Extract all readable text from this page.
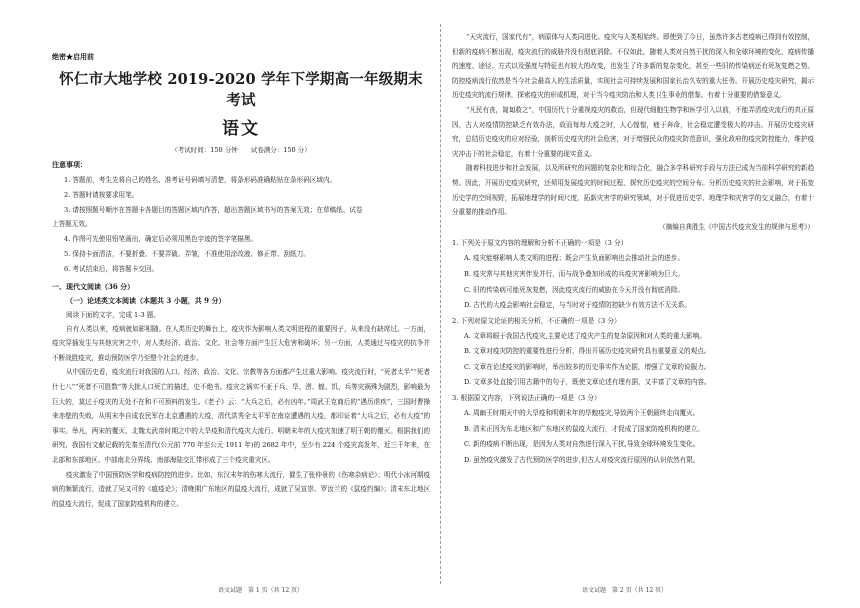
绝密★启用前
怀仁市大地学校 2019-2020 学年下学期高一年级期末考试
语文
（考试时间：150 分钟　　试卷满分：150 分）
注意事项：

1. 答题前，考生先将自己的姓名、准考证号码填写清楚，将条形码准确粘贴在条形码区域内。

2. 答题时请按要求用笔。

3. 请按照题号顺序在答题卡各题目的答题区域内作答，超出答题区域书写的答案无效；在草稿纸、试卷

上答题无效。

4. 作图可先使用铅笔画出，确定后必须用黑色字迹的签字笔描黑。

5. 保持卡面清洁，不要折叠、不要弄破、弄皱，不准使用涂改液、修正带、刮纸刀。

6. 考试结束后，将答题卡交回。

一、现代文阅读（36 分）
（一）论述类文本阅读（本题共 3 小题，共 9 分）
阅读下面的文字，完成 1-3 题。

自有人类以来，疫病就如影相随。在人类历史的舞台上，疫灾作为影响人类文明进程的重要因子，从来没有缺席过。一方面，疫灾穿插发生与其他灾害之中，对人类经济、政治、文化、社会等方面产生巨大危害和破坏；另一方面，人类通过与疫灾的抗争并不断战胜疫灾，推动预防医学乃至整个社会的进步。

从中国历史看，疫灾流行对我国的人口、经济、政治、文化、宗教等各方面都产生过重大影响。疫灾流行时，“死者太半”“死者什七八”“死者不可胜数”等大批人口死亡的描述，史不绝书。疫灾之祸实不亚于兵、旱、涝、蝗、饥、兵等灾祸殊为剧烈，影响最为巨大的，莫过于疫灾的无处不在和不可预料的发生。《老子》云：“大兵之后，必有凶年。”周武王克商后的“遇历虐疾”，三国时曹操来赤壁的失败，从明末李自成农民军在北京遭遇的大疫，清代洪秀全太平军在南京遭遇的大疫，都印证着“大兵之后，必有大疫”的事实。举凡，两宋的覆灭、北魏太武帝时期之中的大旱疫和清代疫灾大流行、明朝末年的大疫灾加速了明王朝的覆灭。根据我们的研究，我国有文献记载的先秦至清代(公元前 770 年至公元 1911 年)的 2682 年中，至少有 224 个疫灾高发年，近三千年来，在北部和东部地区、中部南北分界线、南部海陆交汇带形成了三个疫灾重灾区。

疫灾激发了中国预防医学和疫病防控的进步。比如，东汉末年的伤寒大流行，催生了张仲景的《伤寒杂病论》；明代小冰河期疫病的频繁流行，造就了吴又可的《瘟疫论》；清晚期广东地区的鼠疫大流行，成就了吴宣崇、罗汝兰的《鼠疫约编》；清末东北地区的鼠疫大流行，促成了国家防疫机构的建立。

“天灾流行，国家代有”，病原体与人类同进化。疫灾与人类相始终。即使到了今日，虽然许多古老疫病已得到有效控制，但新的疫病不断出现，疫灾流行的威胁并没有彻底消除。不仅如此，随着人类对自然干扰的深入和全球环境的变化，疫病传播的速度、途径、方式以及强度与特征也有较大的改变，也发生了许多新的复杂变化，甚至一些旧的传染病还有死灰复燃之势。防控疫病流行依然是当今社会最高人的生活质量，实现社会可持续发展和国家长治久安的重大任务。开展历史疫灾研究，揭示历史疫灾的流行规律，探索疫灾的形成机理，对于当今疫灾防治和人类卫生事业的借鉴。有着十分重要的借鉴意义。

“凡民有丧，匍匐救之”，中国历代十分重视疫灾的救治，但现代细胞生物学和医学引入以前，不能弄清疫灾流行的真正原因，古人对疫情防控缺乏有效办法，故而每每大疫之时，人心惶惶，疲于奔命，社会稳定遭受极大的冲击。开展历史疫灾研究，总结历史疫灾的应对经验，剖析历史疫灾的社会危害，对于增强民众的疫灾防范意识，强化政府的疫灾防控能力，维护疫灾冲击下的社会稳定，有着十分重要的现实意义。

随着科技进步和社会发展，以及所研究的问题的复杂化和综合化，融合多学科研究手段与方法已成为当前科学研究的新趋势。因此，开展历史疫灾研究，还须用发展疫灾的时间过程，探究历史疫灾的空间分布。分析历史疫灾的社会影响，对于拓宽历史学的空间视野，拓展地理学的时间尺度，拓新灾害学的研究领域，对于促进历史学、地理学和灾害学的交叉融合，有着十分重要的推动作用。

（摘编自龚胜生《中国古代疫灾发生的规律与思考》）

1. 下列关于原文内容的理解和分析不正确的一项是（3 分）

A. 疫灾能够影响人类文明的进程；既会产生负面影响也会推动社会的进步。

B. 疫灾常与其他灾害伴发并行，而与战争叠加形成的兵疫灾害影响为巨大。

C. 旧的传染病可能死灰复燃，因此疫灾流行的威胁在今天并没有彻底消除。

D. 古代的大疫会影响社会稳定，与当时对于疫情防控缺少有效方法不无关系。

2. 下列对原文论证的相关分析，不正确的一项是（3 分）

A. 文章将眼于我国古代疫灾,主要论述了疫灾产生的复杂原因和对人类的重大影响。

B. 文章对疫灾防控的重要性进行分析，得出开展历史疫灾研究具有重要意义的观点。

C. 文章在论述疫灾的影响时，举出较多的历史事实作为论据，增强了文章的说服力。

D. 文章多处直接引用古籍中的句子，既使文章论述有理有据，又丰富了文章的内容。

3. 根据原文内容，下列说法正确的一项是（3 分）

A. 周幽王时期天中的大旱疫和明朝末年的旱蝗疫灾,导致两个王朝最终走向覆灭。

B. 清末正因为东北地区和广东地区的鼠疫大流行，才促成了国家防疫机构的建立。

C. 新的疫病不断出现，是因为人类对自然进行深入干扰,导致全球环境发生变化。

D. 虽然疫灾激发了古代预防医学的进步,但古人对疫灾流行原因的认识依然有限。

语文试题　第 1 页（共 12 页）	语文试题　第 2 页（共 12 页）
